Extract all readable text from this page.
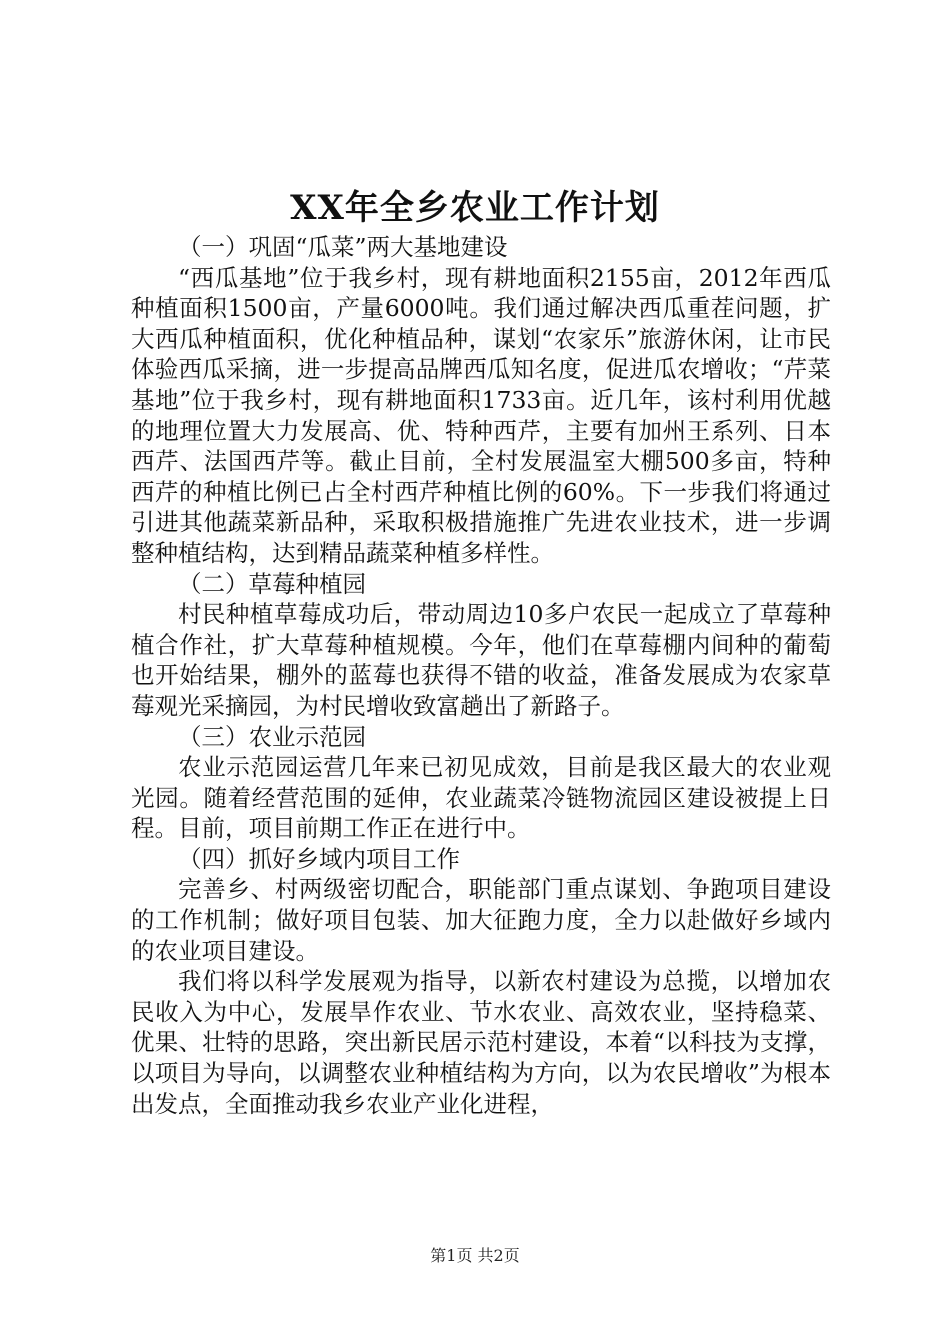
XX年全乡农业工作计划

（一）巩固“瓜菜”两大基地建设

“西瓜基地”位于我乡村，现有耕地面积2155亩，2012年西瓜种植面积1500亩，产量6000吨。我们通过解决西瓜重茬问题，扩大西瓜种植面积，优化种植品种，谋划“农家乐”旅游休闲，让市民体验西瓜采摘，进一步提高品牌西瓜知名度，促进瓜农增收；“芹菜基地”位于我乡村，现有耕地面积1733亩。近几年，该村利用优越的地理位置大力发展高、优、特种西芹，主要有加州王系列、日本西芹、法国西芹等。截止目前，全村发展温室大棚500多亩，特种西芹的种植比例已占全村西芹种植比例的60%。下一步我们将通过引进其他蔬菜新品种，采取积极措施推广先进农业技术，进一步调整种植结构，达到精品蔬菜种植多样性。

（二）草莓种植园

村民种植草莓成功后，带动周边10多户农民一起成立了草莓种植合作社，扩大草莓种植规模。今年，他们在草莓棚内间种的葡萄也开始结果，棚外的蓝莓也获得不错的收益，准备发展成为农家草莓观光采摘园，为村民增收致富趟出了新路子。

（三）农业示范园

农业示范园运营几年来已初见成效，目前是我区最大的农业观光园。随着经营范围的延伸，农业蔬菜冷链物流园区建设被提上日程。目前，项目前期工作正在进行中。

（四）抓好乡域内项目工作

完善乡、村两级密切配合，职能部门重点谋划、争跑项目建设的工作机制；做好项目包装、加大征跑力度，全力以赴做好乡域内的农业项目建设。

我们将以科学发展观为指导，以新农村建设为总揽，以增加农民收入为中心，发展旱作农业、节水农业、高效农业，坚持稳菜、优果、壮特的思路，突出新民居示范村建设，本着“以科技为支撑，以项目为导向，以调整农业种植结构为方向，以为农民增收”为根本出发点，全面推动我乡农业产业化进程，

第1页 共2页
